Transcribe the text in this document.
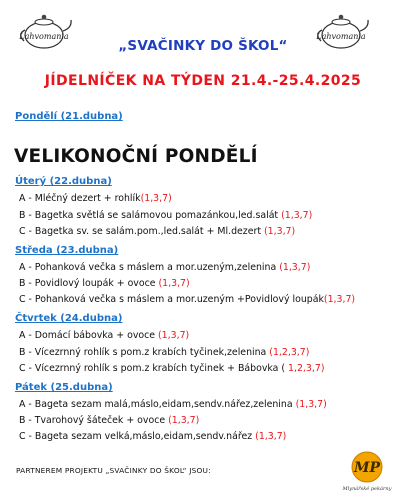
Lahvomania	Lahvomania
„SVAČINKY DO ŠKOL“
JÍDELNÍČEK NA TÝDEN 21.4.-25.4.2025
Pondělí (21.dubna)
VELIKONOČNÍ PONDĚLÍ
Úterý (22.dubna)
A - Mléčný dezert + rohlík(1,3,7)
B - Bagetka světlá se salámovou pomazánkou,led.salát (1,3,7)
C - Bagetka sv. se salám.pom.,led.salát + Ml.dezert (1,3,7)
Středa (23.dubna)
A - Pohanková večka s máslem a mor.uzeným,zelenina (1,3,7)
B - Povidlový loupák + ovoce (1,3,7)
C - Pohanková večka s máslem a mor.uzeným +Povidlový loupák(1,3,7)
Čtvrtek (24.dubna)
A - Domácí bábovka + ovoce (1,3,7)
B - Vícezrnný rohlík s pom.z krabích tyčinek,zelenina (1,2,3,7)
C - Vícezrnný rohlík s pom.z krabích tyčinek + Bábovka ( 1,2,3,7)
Pátek (25.dubna)
A - Bageta sezam malá,máslo,eidam,sendv.nářez,zelenina (1,3,7)
B - Tvarohový šáteček + ovoce (1,3,7)
C - Bageta sezam velká,máslo,eidam,sendv.nářez (1,3,7)
PARTNEREM PROJEKTU „SVAČINKY DO ŠKOL“ JSOU:	MP
Mlynářské pekárny
